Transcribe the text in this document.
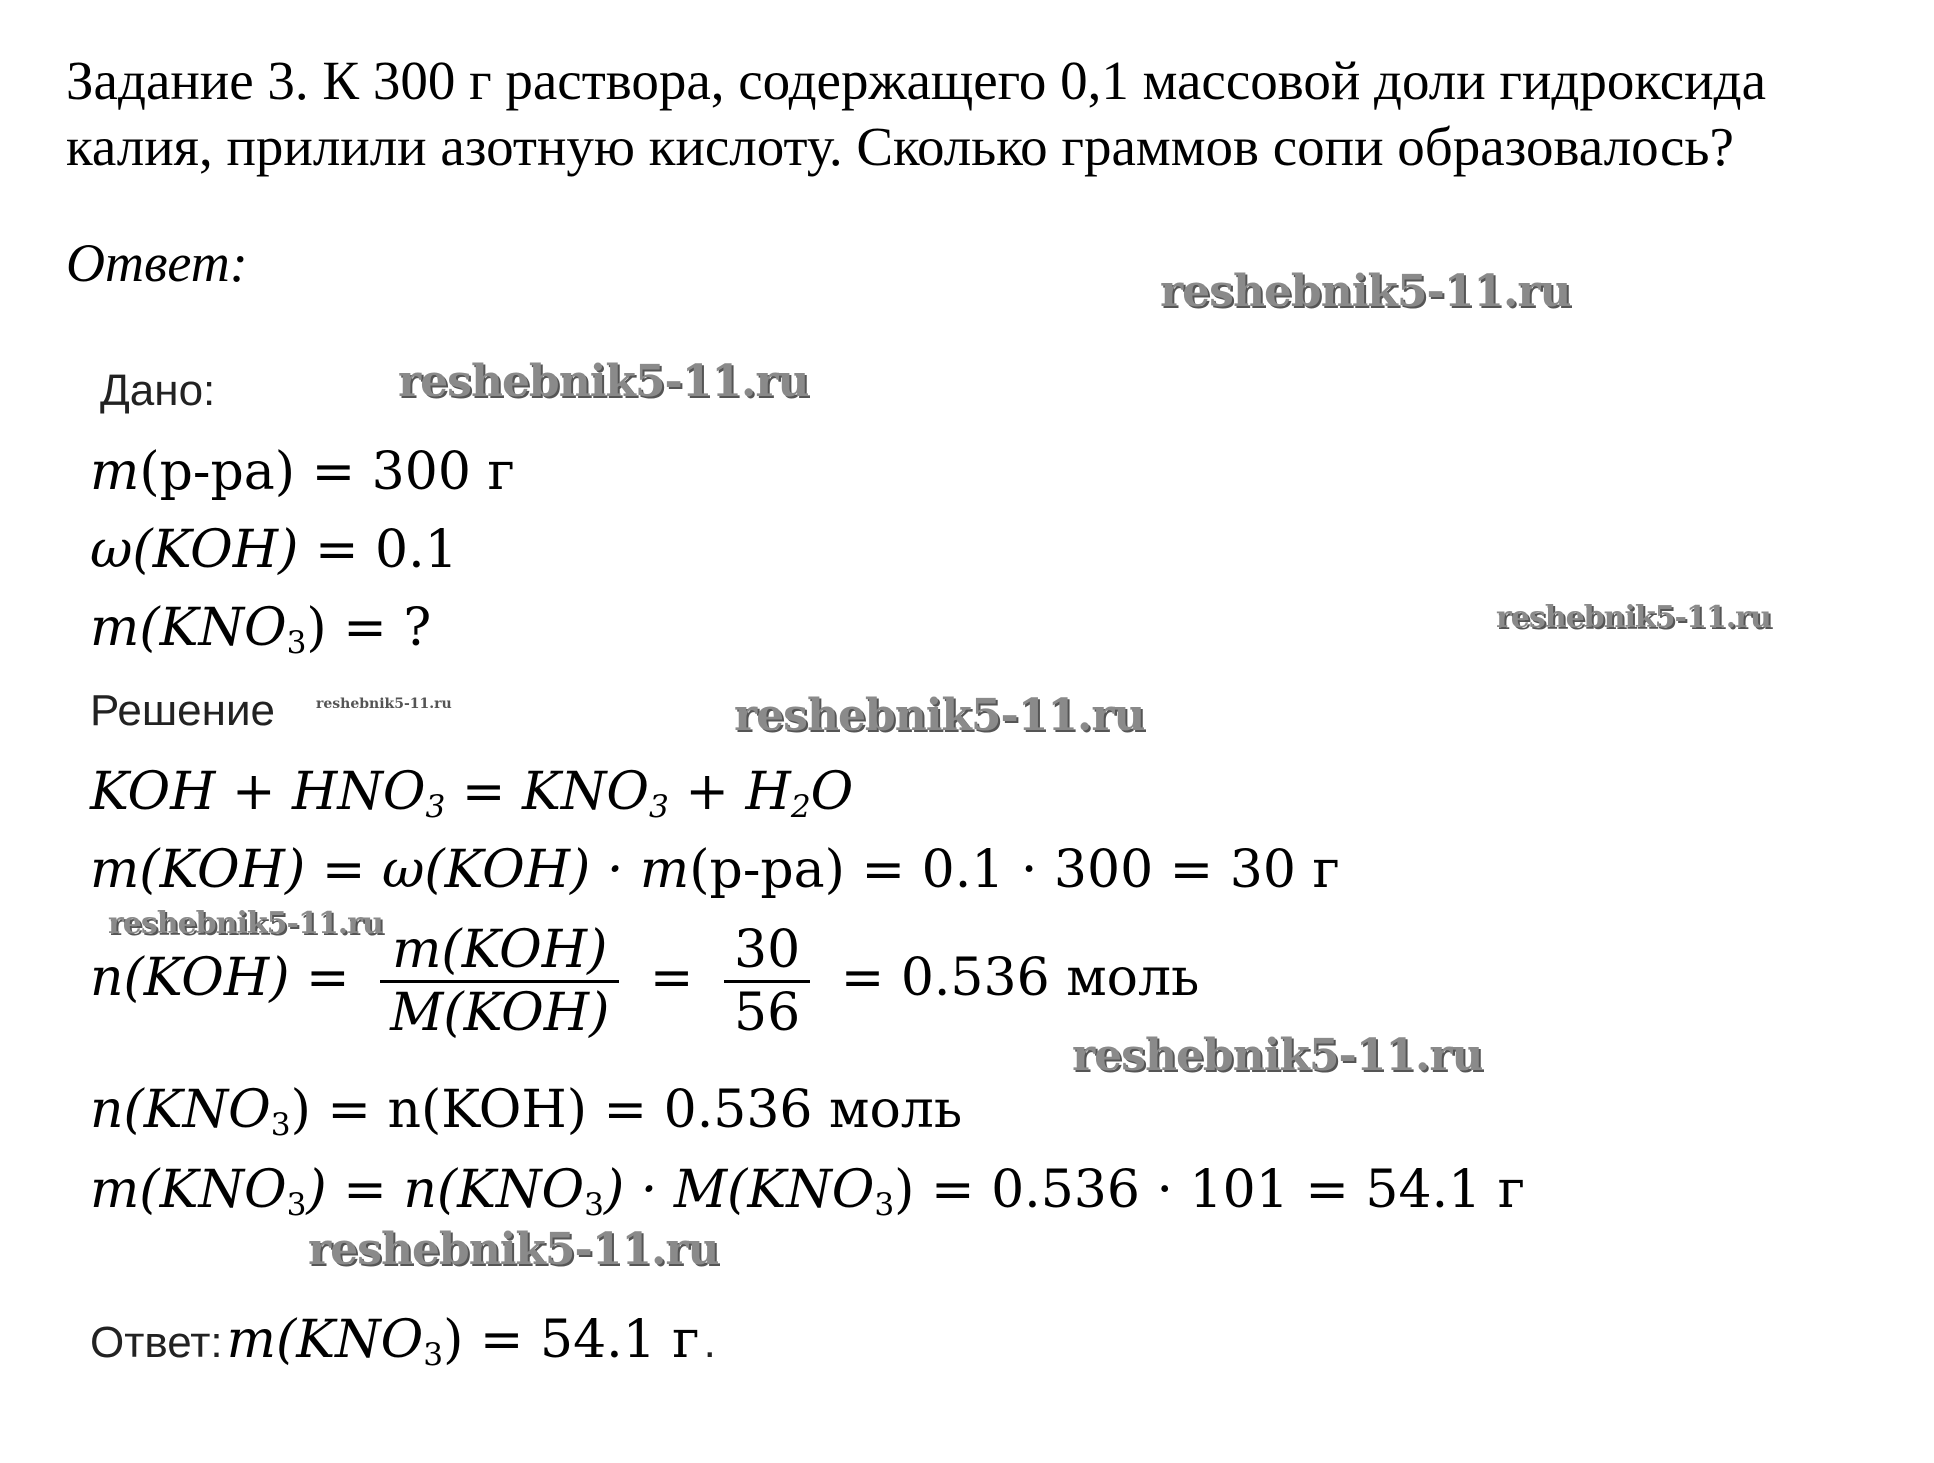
Задание 3. К 300 г раствора, содержащего 0,1 массовой доли гидроксида калия, прилили азотную кислоту. Сколько граммов сопи образовалось?
Ответ:
Дано:
m(р-ра) = 300 г
ω(KOH) = 0.1
$m(KNO_3)$ = ?
Решение
KOH + $HNO_3 = KNO_3 + H_2O$
m(KOH) = ω(KOH) · m(р-ра) = 0.1 · 300 = 30 г
$n(KOH) = \frac{\text{m(KOH)}}{\text{M(KOH)}} = \frac{30}{56} = 0.536$ моль
$n(KNO_3) = n(KOH) = 0.536$ моль
$m(KNO_3) = n(KNO_3) \cdot M(KNO_3) = 0.536 \cdot 101 = 54.1$ г
Ответ: $m(KNO_3) = 54.1$ г .
reshebnik5-11.ru
reshebnik5-11.ru
reshebnik5-11.ru
reshebnik5-11.ru	reshebnik5-11.ru
reshebnik5-11.ru
reshebnik5-11.ru
reshebnik5-11.ru
